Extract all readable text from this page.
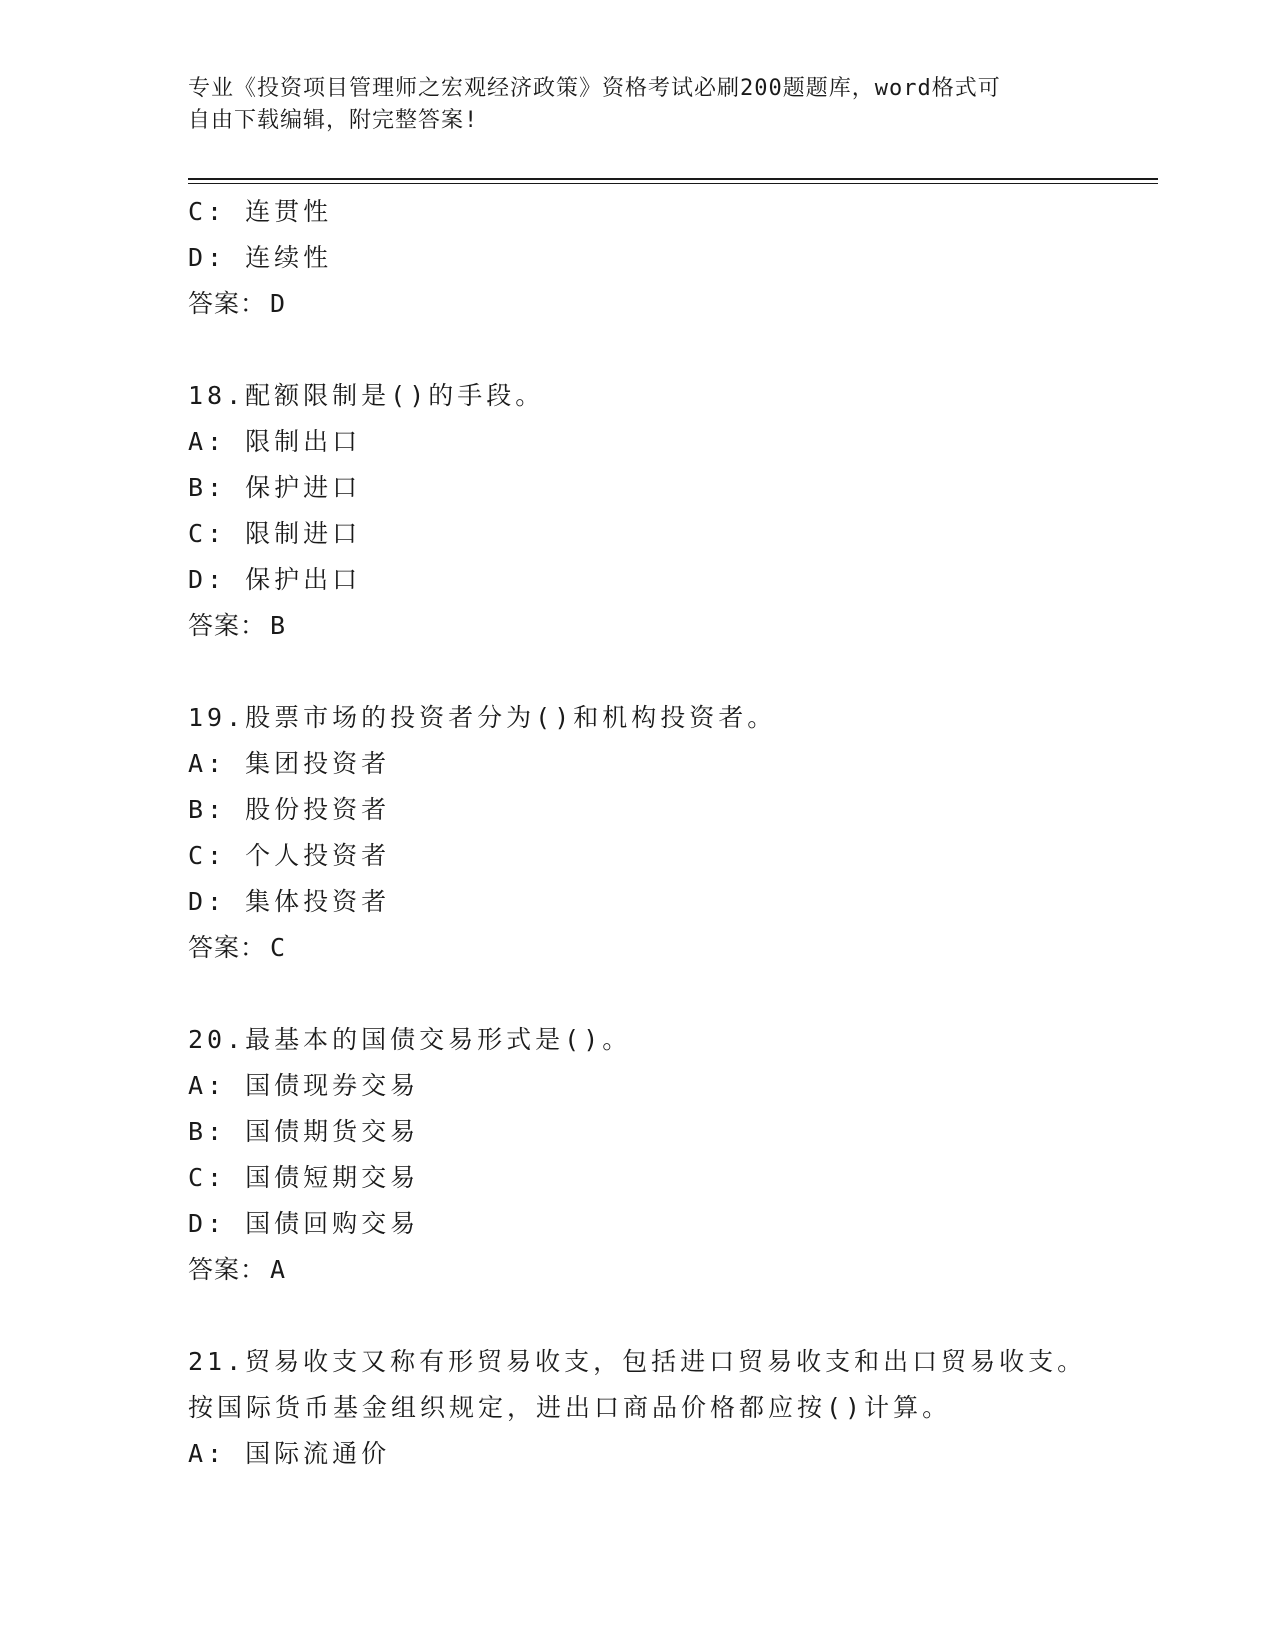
专业《投资项目管理师之宏观经济政策》资格考试必刷200题题库，word格式可
自由下载编辑，附完整答案!
C: 连贯性
D: 连续性
答案： D
18.配额限制是()的手段。
A: 限制出口
B: 保护进口
C: 限制进口
D: 保护出口
答案： B
19.股票市场的投资者分为()和机构投资者。
A: 集团投资者
B: 股份投资者
C: 个人投资者
D: 集体投资者
答案： C
20.最基本的国债交易形式是()。
A: 国债现券交易
B: 国债期货交易
C: 国债短期交易
D: 国债回购交易
答案： A
21.贸易收支又称有形贸易收支，包括进口贸易收支和出口贸易收支。
按国际货币基金组织规定，进出口商品价格都应按()计算。
A: 国际流通价
